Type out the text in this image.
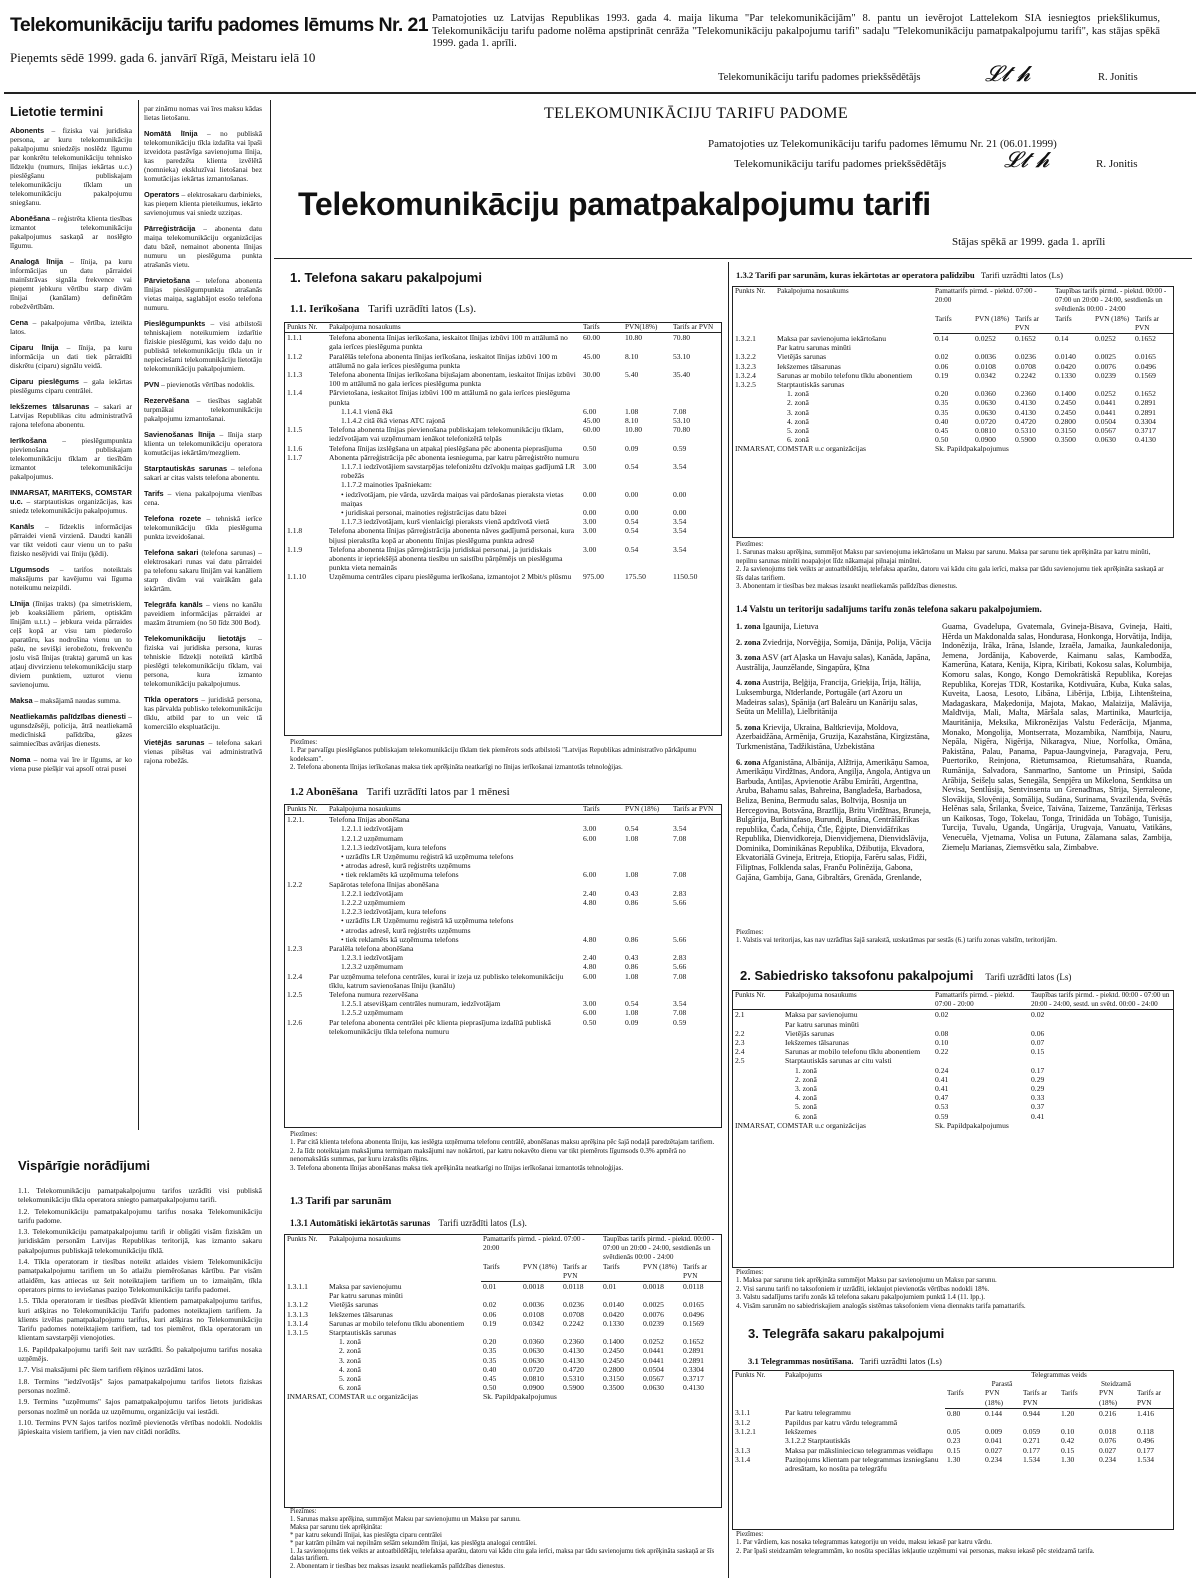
Telekomunikāciju tarifu padomes lēmums Nr. 21
Pieņemts sēdē 1999. gada 6. janvārī Rīgā, Meistaru ielā 10
Pamatojoties uz Latvijas Republikas 1993. gada 4. maija likuma "Par telekomunikācijām" 8. pantu un ievērojot Lattelekom SIA iesniegtos priekšlikumus, Telekomunikāciju tarifu padome nolēma apstiprināt cenrāža "Telekomunikāciju pakalpojumu tarifi" sadaļu "Telekomunikāciju pamatpakalpojumu tarifi", kas stājas spēkā 1999. gada 1. aprīli.
Telekomunikāciju tarifu padomes priekšsēdētājs	𝓛𝓽 𝓱	R. Jonitis
Lietotie termini

Abonents – fiziska vai juridiska persona, ar kuru telekomunikāciju pakalpojumu sniedzējs noslēdz līgumu par konkrētu telekomunikāciju tehnisko līdzekļu (numurs, līnijas iekārtas u.c.) pieslēgšanu publiskajam telekomunikāciju tīklam un telekomunikāciju pakalpojumu sniegšanu.

Abonēšana – reģistrēta klienta tiesības izmantot telekomunikāciju pakalpojumus saskaņā ar noslēgto līgumu.

Analogā līnija – līnija, pa kuru informācijas un datu pārraidei mainīstrāvas signāla frekvence vai pieņemt jebkuru vērtību starp divām līnijai (kanālam) definētām robežvērtībām.

Cena – pakalpojuma vērtība, izteikta latos.

Ciparu līnija – līnija, pa kuru informācija un dati tiek pārraidīti diskrētu (ciparu) signālu veidā.

Ciparu pieslēgums – gala iekārtas pieslēgums ciparu centrālei.

Iekšzemes tālsarunas – sakari ar Latvijas Republikas citu administratīvā rajona telefona abonentu.

Ierīkošana – pieslēgumpunkta pievienošana publiskajam telekomunikāciju tīklam ar tiesībām izmantot telekomunikāciju pakalpojumus.

INMARSAT, MARITEKS, COMSTAR u.c. – starptautiskas organizācijas, kas sniedz telekomunikāciju pakalpojumus.

Kanāls – līdzeklis informācijas pārraidei vienā virzienā. Daudzi kanāli var tikt veidoti caur vienu un to pašu fizisko nesējvidi vai līniju (ķēdi).

Līgumsods – tarifos noteiktais maksājums par kavējumu vai līguma noteikumu neizpildi.

Līnija (līnijas trakts) (pa simetriskiem, jeb koaksiāliem pāriem, optiskām līnijām u.t.t.) – jebkura veida pārraides ceļš kopā ar visu tam piederošo aparatūru, kas nodrošina vienu un to pašu, ne sevišķi ierobežotu, frekvenču joslu visā līnijas (trakta) garumā un kas atļauj divvirzienu telekomunikāciju starp diviem punktiem, uzturot vienu savienojumu.

Maksa – maksājamā naudas summa.

Neatliekamās palīdzības dienesti – ugunsdzēsēji, policija, ātrā neatliekamā medicīniskā palīdzība, gāzes saimniecības avārijas dienests.

Noma – noma vai īre ir līgums, ar ko viena puse piešķir vai apsolī otrai pusei

par zināmu nomas vai īres maksu kādas lietas lietošanu.

Nomātā līnija – no publiskā telekomunikāciju tīkla izdalīta vai īpaši izveidota pastāvīga savienojuma līnija, kas paredzēta klienta izvēlētā (nomnieka) ekskluzīvai lietošanai bez komutācijas iekārtas izmantošanas.

Operators – elektrosakaru darbinieks, kas pieņem klienta pieteikumus, iekārto savienojumus vai sniedz uzziņas.

Pārreģistrācija – abonenta datu maiņa telekomunikāciju organizācijas datu bāzē, nemainot abonenta līnijas numuru un pieslēguma punkta atrašanās vietu.

Pārvietošana – telefona abonenta līnijas pieslēgumpunkta atrašanās vietas maiņa, saglabājot esošo telefona numuru.

Pieslēgumpunkts – visi atbilstoši tehniskajiem noteikumiem izdarītie fiziskie pieslēgumi, kas veido daļu no publiskā telekomunikāciju tīkla un ir nepieciešami telekomunikāciju lietotāju telekomunikāciju pakalpojumiem.

PVN – pievienotās vērtības nodoklis.

Rezervēšana – tiesības saglabāt turpmākai telekomunikāciju pakalpojumu izmantošanai.

Savienošanas līnija – līnija starp klienta un telekomunikāciju operatora komutācijas iekārtām/mezgliem.

Starptautiskās sarunas – telefona sakari ar citas valsts telefona abonentu.

Tarifs – viena pakalpojuma vienības cena.

Telefona rozete – tehniskā ierīce telekomunikāciju tīkla pieslēguma punkta izveidošanai.

Telefona sakari (telefona sarunas) – elektrosakari runas vai datu pārraidei pa telefonu sakaru līnijām vai kanāliem starp divām vai vairākām gala iekārtām.

Telegrāfa kanāls – viens no kanālu paveidiem informācijas pārraidei ar mazām ātrumiem (no 50 līdz 300 Bod).

Telekomunikāciju lietotājs – fiziska vai juridiska persona, kuras tehniskie līdzekļi noteiktā kārtībā pieslēgti telekomunikāciju tīklam, vai persona, kura izmanto telekomunikāciju pakalpojumus.

Tīkla operators – juridiskā persona, kas pārvalda publisko telekomunikāciju tīklu, atbild par to un veic tā komerciālo ekspluatāciju.

Vietējās sarunas – telefona sakari vienas pilsētas vai administratīvā rajona robežās.

Vispārīgie norādījumi

1.1. Telekomunikāciju pamatpakalpojumu tarifos uzrādīti visi publiskā telekomunikāciju tīkla operatora sniegto pamatpakalpojumu tarifi.

1.2. Telekomunikāciju pamatpakalpojumu tarifus nosaka Telekomunikāciju tarifu padome.

1.3. Telekomunikāciju pamatpakalpojumu tarifi ir obligāti visām fiziskām un juridiskām personām Latvijas Republikas teritorijā, kas izmanto sakaru pakalpojumus publiskajā telekomunikāciju tīklā.

1.4. Tīkla operatoram ir tiesības noteikt atlaides visiem Telekomunikāciju pamatpakalpojumu tarifiem un šo atlaižu piemērošanas kārtību. Par visām atlaidēm, kas attiecas uz šeit noteiktajiem tarifiem un to izmaiņām, tīkla operators pirms to ieviešanas paziņo Telekomunikāciju tarifu padomei.

1.5. Tīkla operatoram ir tiesības piedāvāt klientiem pamatpakalpojumu tarifus, kuri atšķiras no Telekomunikāciju Tarifu padomes noteiktajiem tarifiem. Ja klients izvēlas pamatpakalpojumu tarifus, kuri atšķiras no Telekomunikāciju Tarifu padomes noteiktajiem tarifiem, tad tos piemērot, tīkla operatoram un klientam savstarpēji vienojoties.

1.6. Papildpakalpojumu tarifi šeit nav uzrādīti. Šo pakalpojumu tarifus nosaka uzņēmējs.

1.7. Visi maksājumi pēc šiem tarifiem rēķinos uzrādāmi latos.

1.8. Termins "iedzīvotājs" šajos pamatpakalpojumu tarifos lietots fiziskas personas nozīmē.

1.9. Termins "uzņēmums" šajos pamatpakalpojumu tarifos lietots juridiskas personas nozīmē un norāda uz uzņēmumu, organizāciju vai iestādi.

1.10. Termins PVN šajos tarifos nozīmē pievienotās vērtības nodokli. Nodoklis jāpieskaita visiem tarifiem, ja vien nav citādi norādīts.

TELEKOMUNIKĀCIJU TARIFU PADOME
Pamatojoties uz Telekomunikāciju tarifu padomes lēmumu Nr. 21 (06.01.1999)
Telekomunikāciju tarifu padomes priekšsēdētājs	𝓛𝓽 𝓱	R. Jonitis
Telekomunikāciju pamatpakalpojumu tarifi
Stājas spēkā ar 1999. gada 1. aprīli
1. Telefona sakaru pakalpojumi
1.1. Ierīkošana Tarifi uzrādīti latos (Ls).
Punkts Nr.	Pakalpojuma nosaukums	Tarifs	PVN(18%)	Tarifs ar PVN
1.1.1	Telefona abonenta līnijas ierīkošana, ieskaitot līnijas izbūvi 100 m attālumā no gala ierīces pieslēguma punkta	60.00	10.80	70.80
1.1.2	Paralēlās telefona abonenta līnijas ierīkošana, ieskaitot līnijas izbūvi 100 m attālumā no gala ierīces pieslēguma punkta	45.00	8.10	53.10
1.1.3	Telefona abonenta līnijas ierīkošana bijušajam abonentam, ieskaitot līnijas izbūvi 100 m attālumā no gala ierīces pieslēguma punkta	30.00	5.40	35.40
1.1.4	Pārvietošana, ieskaitot līnijas izbūvi 100 m attālumā no gala ierīces pieslēguma punkta			
	1.1.4.1 vienā ēkā	6.00	1.08	7.08
	1.1.4.2 citā ēkā vienas ATC rajonā	45.00	8.10	53.10
1.1.5	Telefona abonenta līnijas pievienošana publiskajam telekomunikāciju tīklam, iedzīvotājam vai uzņēmumam ienākot telefonizētā telpās	60.00	10.80	70.80
1.1.6	Telefona līnijas izslēgšana un atpakaļ pieslēgšana pēc abonenta pieprasījuma	0.50	0.09	0.59
1.1.7	Abonenta pārreģistrācija pēc abonenta iesnieguma, par katru pārreģistrēto numuru			
	1.1.7.1 iedzīvotājiem savstarpējas telefonizētu dzīvokļu maiņas gadījumā LR robežās	3.00	0.54	3.54
	1.1.7.2 mainoties īpašniekam:			
	• iedzīvotājam, pie vārda, uzvārda maiņas vai pārdošanas pieraksta vietas maiņas	0.00	0.00	0.00
	• juridiskai personai, mainoties reģistrācijas datu bāzei	0.00	0.00	0.00
	1.1.7.3 iedzīvotājam, kurš vienlaicīgi pieraksts vienā apdzīvotā vietā	3.00	0.54	3.54
1.1.8	Telefona abonenta līnijas pārreģistrācija abonenta nāves gadījumā personai, kura bijusi pierakstīta kopā ar abonentu līnijas pieslēguma punkta adresē	3.00	0.54	3.54
1.1.9	Telefona abonenta līnijas pārreģistrācija juridiskai personai, ja juridiskais abonents ir iepriekšējā abonenta tiesību un saistību pārņēmējs un pieslēguma punkta vieta nemainās	3.00	0.54	3.54
1.1.10	Uzņēmuma centrāles ciparu pieslēguma ierīkošana, izmantojot 2 Mbit/s plūsmu	975.00	175.50	1150.50
Piezīmes:
1. Par parvalīgu pieslēgšanos publiskajam telekomunikāciju tīklam tiek piemērots sods atbilstoši "Latvijas Republikas administratīvo pārkāpumu kodeksam".
2. Telefona abonenta līnijas ierīkošanas maksa tiek aprēķināta neatkarīgi no līnijas ierīkošanai izmantotās tehnoloģijas.
1.2 Abonēšana Tarifi uzrādīti latos par 1 mēnesi
Punkts Nr.	Pakalpojuma nosaukums	Tarifs	PVN (18%)	Tarifs ar PVN
1.2.1.	Telefona līnijas abonēšana			
	1.2.1.1 iedzīvotājam	3.00	0.54	3.54
	1.2.1.2 uzņēmumam	6.00	1.08	7.08
	1.2.1.3 iedzīvotājam, kura telefons			
	• uzrādīts LR Uzņēmumu reģistrā kā uzņēmuma telefons			
	• atrodas adresē, kurā reģistrēts uzņēmums			
	• tiek reklamēts kā uzņēmuma telefons	6.00	1.08	7.08
1.2.2	Sapārotas telefona līnijas abonēšana			
	1.2.2.1 iedzīvotājam	2.40	0.43	2.83
	1.2.2.2 uzņēmumiem	4.80	0.86	5.66
	1.2.2.3 iedzīvotājam, kura telefons			
	• uzrādīts LR Uzņēmumu reģistrā kā uzņēmuma telefons			
	• atrodas adresē, kurā reģistrēts uzņēmums			
	• tiek reklamēts kā uzņēmuma telefons	4.80	0.86	5.66
1.2.3	Paralēla telefona abonēšana			
	1.2.3.1 iedzīvotājam	2.40	0.43	2.83
	1.2.3.2 uzņēmumam	4.80	0.86	5.66
1.2.4	Par uzņēmuma telefona centrāles, kurai ir izeja uz publisko telekomunikāciju tīklu, katrum savienošanas līniju (kanālu)	6.00	1.08	7.08
1.2.5	Telefona numura rezervēšana			
	1.2.5.1 atsevišķam centrāles numuram, iedzīvotājam	3.00	0.54	3.54
	1.2.5.2 uzņēmumam	6.00	1.08	7.08
1.2.6	Par telefona abonenta centrālei pēc klienta pieprasījuma izdalītā publiskā telekomunikāciju tīkla telefona numuru	0.50	0.09	0.59
Piezīmes:
1. Par citā klienta telefona abonenta līniju, kas ieslēgta uzņēmuma telefonu centrālē, abonēšanas maksu aprēķina pēc šajā nodaļā paredzētajam tarifiem.
2. Ja līdz noteiktajam maksājuma termiņam maksājumi nav nokārtoti, par katru nokavēto dienu var tikt piemērots līgumsods 0.3% apmērā no nenomaksātās summas, par kuru izrakstīts rēķins.
3. Telefona abonenta līnijas abonēšanas maksa tiek aprēķināta neatkarīgi no līnijas ierīkošanai izmantotās tehnoloģijas.
1.3 Tarifi par sarunām
1.3.1 Automātiski iekārtotās sarunas Tarifi uzrādīti latos (Ls).
Punkts Nr.	Pakalpojuma nosaukums	Pamattarifs pirmd. - piektd. 07:00 - 20:00			Taupības tarifs pirmd. - piektd. 00:00 - 07:00 un 20:00 - 24:00, sestdienās un svētdienās 00:00 - 24:00		
		Tarifs	PVN (18%)	Tarifs ar PVN	Tarifs	PVN (18%)	Tarifs ar PVN
1.3.1.1	Maksa par savienojumu	0.01	0.0018	0.0118	0.01	0.0018	0.0118
	Par katru sarunas minūti						
1.3.1.2	Vietējās sarunas	0.02	0.0036	0.0236	0.0140	0.0025	0.0165
1.3.1.3	Iekšzemes tālsarunas	0.06	0.0108	0.0708	0.0420	0.0076	0.0496
1.3.1.4	Sarunas ar mobilo telefonu tīklu abonentiem	0.19	0.0342	0.2242	0.1330	0.0239	0.1569
1.3.1.5	Starptautiskās sarunas						
	1. zonā	0.20	0.0360	0.2360	0.1400	0.0252	0.1652
	2. zonā	0.35	0.0630	0.4130	0.2450	0.0441	0.2891
	3. zonā	0.35	0.0630	0.4130	0.2450	0.0441	0.2891
	4. zonā	0.40	0.0720	0.4720	0.2800	0.0504	0.3304
	5. zonā	0.45	0.0810	0.5310	0.3150	0.0567	0.3717
	6. zonā	0.50	0.0900	0.5900	0.3500	0.0630	0.4130
INMARSAT, COMSTAR u.c organizācijas		Sk. Papildpakalpojumus					
Piezīmes:
1. Sarunas maksu aprēķina, summējot Maksu par savienojumu un Maksu par sarunu.
Maksa par sarunu tiek aprēķināta:
* par katru sekundi līnijai, kas pieslēgta ciparu centrālei
* par katrām pilnām vai nepilnām sešām sekundēm līnijai, kas pieslēgta analogai centrālei.
1. Ja savienojums tiek veikts ar autoatbildētāju, telefaksa aparātu, datoru vai kādu citu gala ierīci, maksa par tādu savienojumu tiek aprēķināta saskaņā ar šīs dalas tarifiem.
2. Abonentam ir tiesības bez maksas izsaukt neatliekamās palīdzības dienestus.
1.3.2 Tarifi par sarunām, kuras iekārtotas ar operatora palīdzību Tarifi uzrādīti latos (Ls)
Punkts Nr.	Pakalpojuma nosaukums	Pamattarifs pirmd. - piektd. 07:00 - 20:00			Taupības tarifs pirmd. - piektd. 00:00 - 07:00 un 20:00 - 24:00, sestdienās un svētdienās 00:00 - 24:00		
		Tarifs	PVN (18%)	Tarifs ar PVN	Tarifs	PVN (18%)	Tarifs ar PVN
1.3.2.1	Maksa par savienojuma iekārtošanu	0.14	0.0252	0.1652	0.14	0.0252	0.1652
	Par katru sarunas minūti						
1.3.2.2	Vietējās sarunas	0.02	0.0036	0.0236	0.0140	0.0025	0.0165
1.3.2.3	Iekšzemes tālsarunas	0.06	0.0108	0.0708	0.0420	0.0076	0.0496
1.3.2.4	Sarunas ar mobilo telefonu tīklu abonentiem	0.19	0.0342	0.2242	0.1330	0.0239	0.1569
1.3.2.5	Starptautiskās sarunas						
	1. zonā	0.20	0.0360	0.2360	0.1400	0.0252	0.1652
	2. zonā	0.35	0.0630	0.4130	0.2450	0.0441	0.2891
	3. zonā	0.35	0.0630	0.4130	0.2450	0.0441	0.2891
	4. zonā	0.40	0.0720	0.4720	0.2800	0.0504	0.3304
	5. zonā	0.45	0.0810	0.5310	0.3150	0.0567	0.3717
	6. zonā	0.50	0.0900	0.5900	0.3500	0.0630	0.4130
INMARSAT, COMSTAR u.c organizācijas		Sk. Papildpakalpojumus					
Piezīmes:
1. Sarunas maksu aprēķina, summējot Maksu par savienojuma iekārtošanu un Maksu par sarunu. Maksa par sarunu tiek aprēķināta par katru minūti, nepilnu sarunas minūti noapaļojot līdz nākamajai pilnajai minūtei.
2. Ja savienojums tiek veikts ar autoatbildētāju, telefaksa aparātu, datoru vai kādu citu gala ierīci, maksa par tādu savienojumu tiek aprēķināta saskaņā ar šīs dalas tarifiem.
3. Abonentam ir tiesības bez maksas izsaukt neatliekamās palīdzības dienestus.
1.4 Valstu un teritoriju sadalījums tarifu zonās telefona sakaru pakalpojumiem.

1. zona Igaunija, Lietuva

2. zona Zviedrija, Norvēģija, Somija, Dānija, Polija, Vācija

3. zona ASV (arī Aļaska un Havaju salas), Kanāda, Japāna, Austrālija, Jaunzēlande, Singapūra, Ķīna

4. zona Austrija, Beļģija, Francija, Grieķija, Īrija, Itālija, Luksemburga, Nīderlande, Portugāle (arī Azoru un Madeiras salas), Spānija (arī Baleāru un Kanāriju salas, Seūta un Melilla), Lielbritānija

5. zona Krievija, Ukraina, Baltkrievija, Moldova, Azerbaidžāna, Armēnija, Gruzija, Kazahstāna, Kirgizstāna, Turkmenistāna, Tadžikistāna, Uzbekistāna

6. zona Afganistāna, Albānija, Alžīrija, Amerikāņu Samoa, Amerikāņu Virdžīnas, Andora, Angilja, Angola, Antigva un Barbuda, Antiļas, Apvienotie Arābu Emirāti, Argentīna, Aruba, Bahamu salas, Bahreina, Bangladeša, Barbadosa, Beliza, Benina, Bermudu salas, Bolīvija, Bosnija un Hercegovina, Botsvāna, Brazīlija, Britu Virdžīnas, Bruneja, Bulgārija, Burkinafaso, Burundi, Butāna, Centrālāfrikas republika, Čada, Čehija, Čīle, Ēģipte, Dienvidāfrikas Republika, Dienvidkoreja, Dienvidjemena, Dienvidslāvija, Dominika, Dominikānas Republika, Džibutija, Ekvadora, Ekvatoriālā Gvineja, Eritreja, Etiopija, Farēru salas, Fidži, Filipīnas, Folklenda salas, Franču Polinēzija, Gabona, Gajāna, Gambija, Gana, Gibraltārs, Grenāda, Grenlande,

Guama, Gvadelupa, Gvatemala, Gvineja-Bisava, Gvineja, Haiti, Hērda un Makdonalda salas, Hondurasa, Honkonga, Horvātija, Indija, Indonēzija, Irāka, Irāna, Islande, Izraēla, Jamaika, Jaunkaledonija, Jemena, Jordānija, Kaboverde, Kaimanu salas, Kambodža, Kamerūna, Katara, Kenija, Kipra, Kiribati, Kokosu salas, Kolumbija, Komoru salas, Kongo, Kongo Demokrātiskā Republika, Korejas Republika, Korejas TDR, Kostarika, Kotdivuāra, Kuba, Kuka salas, Kuveita, Laosa, Lesoto, Libāna, Libērija, Lībija, Lihtenšteina, Madagaskara, Maķedonija, Majota, Makao, Malaizija, Malāvija, Maldīvija, Mali, Malta, Māršala salas, Martinika, Maurīcija, Mauritānija, Meksika, Mikronēzijas Valstu Federācija, Mjanma, Monako, Mongolija, Montserrata, Mozambika, Namībija, Nauru, Nepāla, Nigēra, Nigērija, Nikaragva, Niue, Norfolka, Omāna, Pakistāna, Palau, Panama, Papua-Jaungvineja, Paragvaja, Peru, Puertoriko, Reinjona, Rietumsamoa, Rietumsahāra, Ruanda, Rumānija, Salvadora, Sanmarīno, Santome un Prinsipi, Saūda Arābija, Seišeļu salas, Senegāla, Senpjēra un Mikelona, Sentkitsa un Nevisa, Sentlūsija, Sentvinsenta un Grenadīnas, Sīrija, Sjerraleone, Slovākija, Slovēnija, Somālija, Sudāna, Surinama, Svazilenda, Svētās Helēnas sala, Šrilanka, Šveice, Taivāna, Taizeme, Tanzānija, Tērksas un Kaikosas, Togo, Tokelau, Tonga, Trinidāda un Tobāgo, Tunisija, Turcija, Tuvalu, Uganda, Ungārija, Urugvaja, Vanuatu, Vatikāns, Venecuēla, Vjetnama, Volisa un Futuna, Zālamana salas, Zambija, Ziemeļu Marianas, Ziemsvētku sala, Zimbabve.
Piezīmes:
1. Valstis vai teritorijas, kas nav uzrādītas šajā sarakstā, uzskatāmas par sestās (6.) tarifu zonas valstīm, teritorijām.
2. Sabiedrisko taksofonu pakalpojumi Tarifi uzrādīti latos (Ls)
Punkts Nr.	Pakalpojuma nosaukums	Pamattarifs pirmd. - piektd. 07:00 - 20:00	Taupības tarifs pirmd. - piektd. 00:00 - 07:00 un 20:00 - 24:00, sestd. un svētd. 00:00 - 24:00
2.1	Maksa par savienojumu	0.02	0.02
	Par katru sarunas minūti		
2.2	Vietējās sarunas	0.08	0.06
2.3	Iekšzemes tālsarunas	0.10	0.07
2.4	Sarunas ar mobilo telefonu tīklu abonentiem	0.22	0.15
2.5	Starptautiskās sarunas ar citu valsti		
	1. zonā	0.24	0.17
	2. zonā	0.41	0.29
	3. zonā	0.41	0.29
	4. zonā	0.47	0.33
	5. zonā	0.53	0.37
	6. zonā	0.59	0.41
INMARSAT, COMSTAR u.c organizācijas		Sk. Papildpakalpojumus	
Piezīmes:
1. Maksa par sarunu tiek aprēķināta summējot Maksu par savienojumu un Maksu par sarunu.
2. Visi sarunu tarifi no taksofoniem ir uzrādīti, ieklaujot pievienotās vērtības nodokli 18%.
3. Valstu sadalījums tarifu zonās kā telefona sakaru pakalpojumiem punktā 1.4 (11. lpp.).
4. Visām sarunām no sabiedriskajiem analogās sistēmas taksofoniem viena diennakts tarifa pamattarifs.
3. Telegrāfa sakaru pakalpojumi
3.1 Telegrammas nosūtīšana. Tarifi uzrādīti latos (Ls)
Punkts Nr.	Pakalpojums	Telegrammas veids					
		Parastā			Steidzamā		
		Tarifs	PVN (18%)	Tarifs ar PVN	Tarifs	PVN (18%)	Tarifs ar PVN
3.1.1	Par katru telegrammu	0.80	0.144	0.944	1.20	0.216	1.416
3.1.2	Papildus par katru vārdu telegrammā						
3.1.2.1	Iekšzemes	0.05	0.009	0.059	0.10	0.018	0.118
	3.1.2.2 Starptautiskās	0.23	0.041	0.271	0.42	0.076	0.496
3.1.3	Maksa par mākslinieciско telegrammas veidlapu	0.15	0.027	0.177	0.15	0.027	0.177
3.1.4	Paziņojums klientam par telegrammas izsniegšanu adresātam, ko nosūta pa telegrāfu	1.30	0.234	1.534	1.30	0.234	1.534
Piezīmes:
1. Par vārdiem, kas nosaka telegrammas kategoriju un veidu, maksu iekasē par katru vārdu.
2. Par īpaši steidzamām telegrammām, ko nosūta speciālas iekļautie uzņēmumi vai personas, maksu iekasē pēc steidzamā tarifa.
